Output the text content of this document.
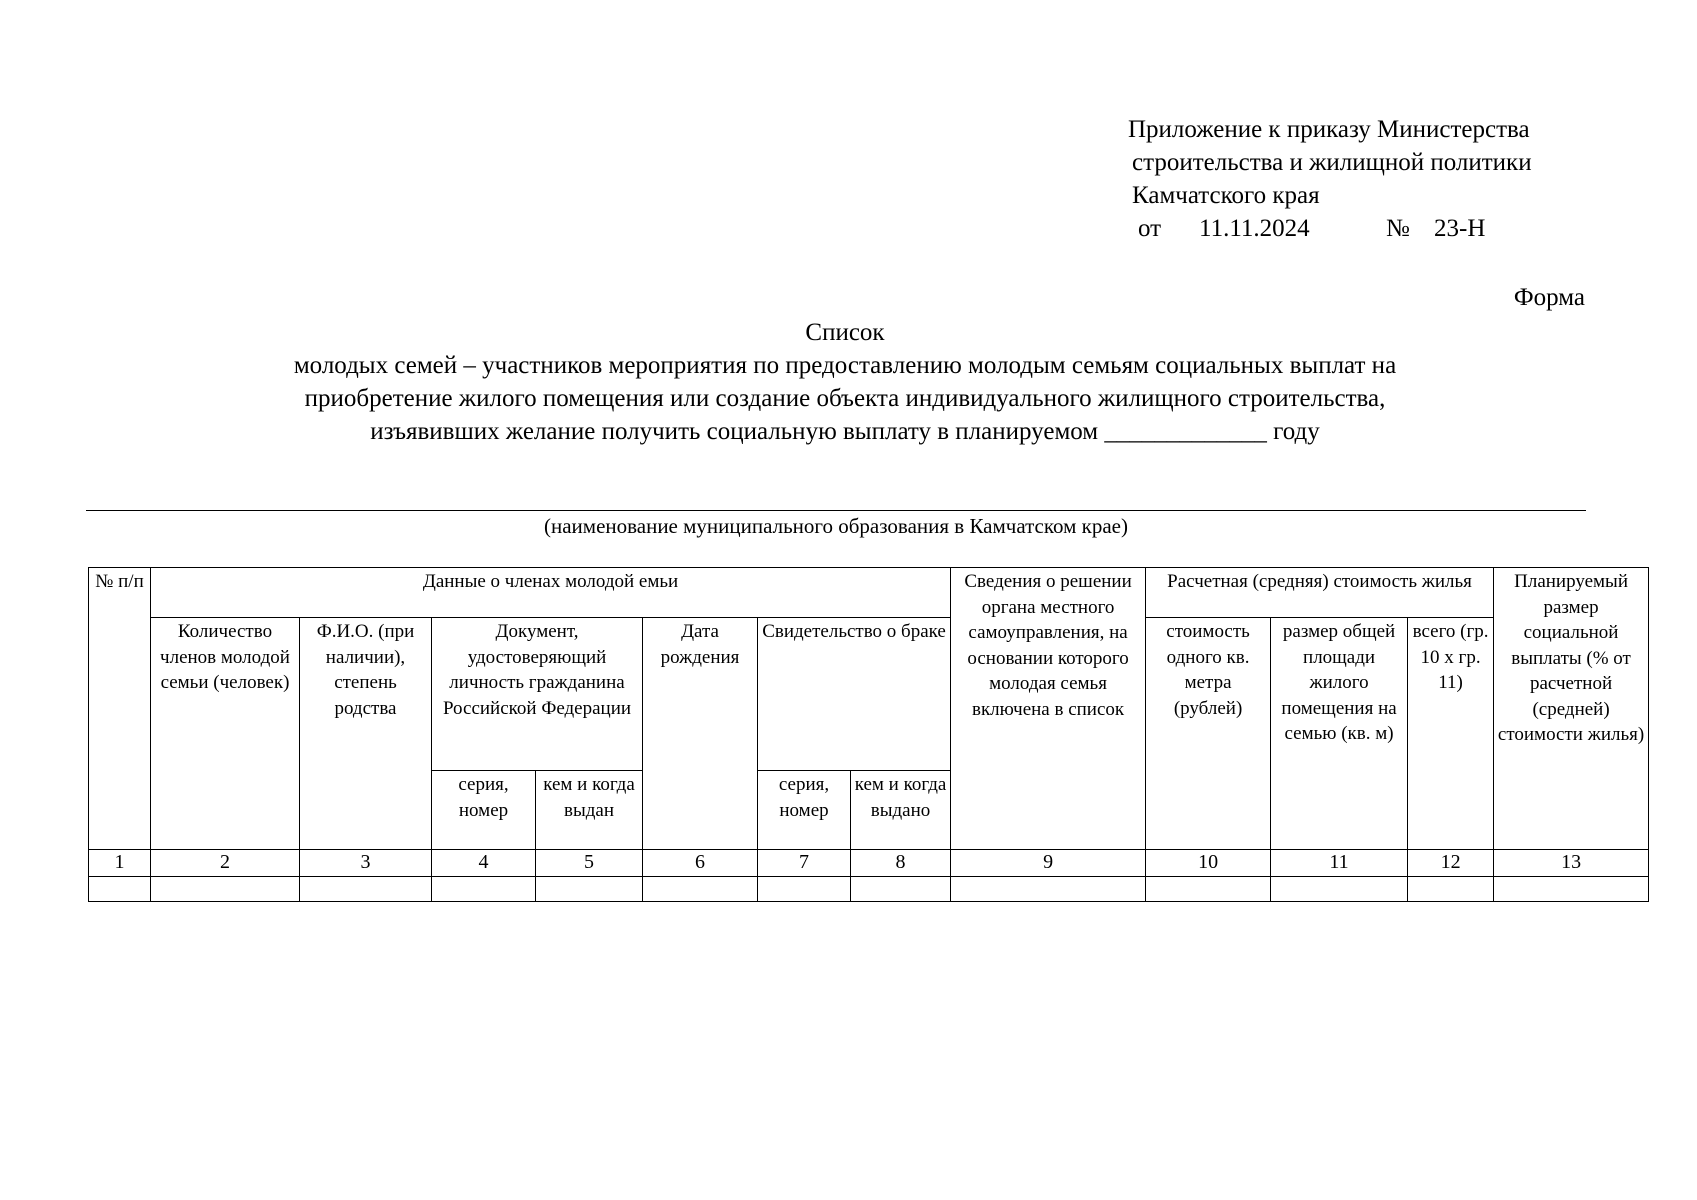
Приложение к приказу Министерства
строительства и жилищной политики
Камчатского края
от 11.11.2024	№ 23-Н
Форма
Список
молодых семей – участников мероприятия по предоставлению молодым семьям социальных выплат на
приобретение жилого помещения или создание объекта индивидуального жилищного строительства,
изъявивших желание получить социальную выплату в планируемом _____________ году
(наименование муниципального образования в Камчатском крае)
№ п/п	Данные о членах молодой емьи							Сведения о решении органа местного самоуправления, на основании которого молодая семья включена в список	Расчетная (средняя) стоимость жилья			Планируемый размер социальной выплаты (% от расчетной (средней) стоимости жилья)
	Количество членов молодой семьи (человек)	Ф.И.О. (при наличии), степень родства	Документ, удостоверяющий личность гражданина Российской Федерации		Дата рождения	Свидетельство о браке			стоимость одного кв. метра (рублей)	размер общей площади жилого помещения на семью (кв. м)	всего (гр. 10 х гр. 11)	
			серия, номер	кем и когда выдан		серия, номер	кем и когда выдано					
1	2	3	4	5	6	7	8	9	10	11	12	13
